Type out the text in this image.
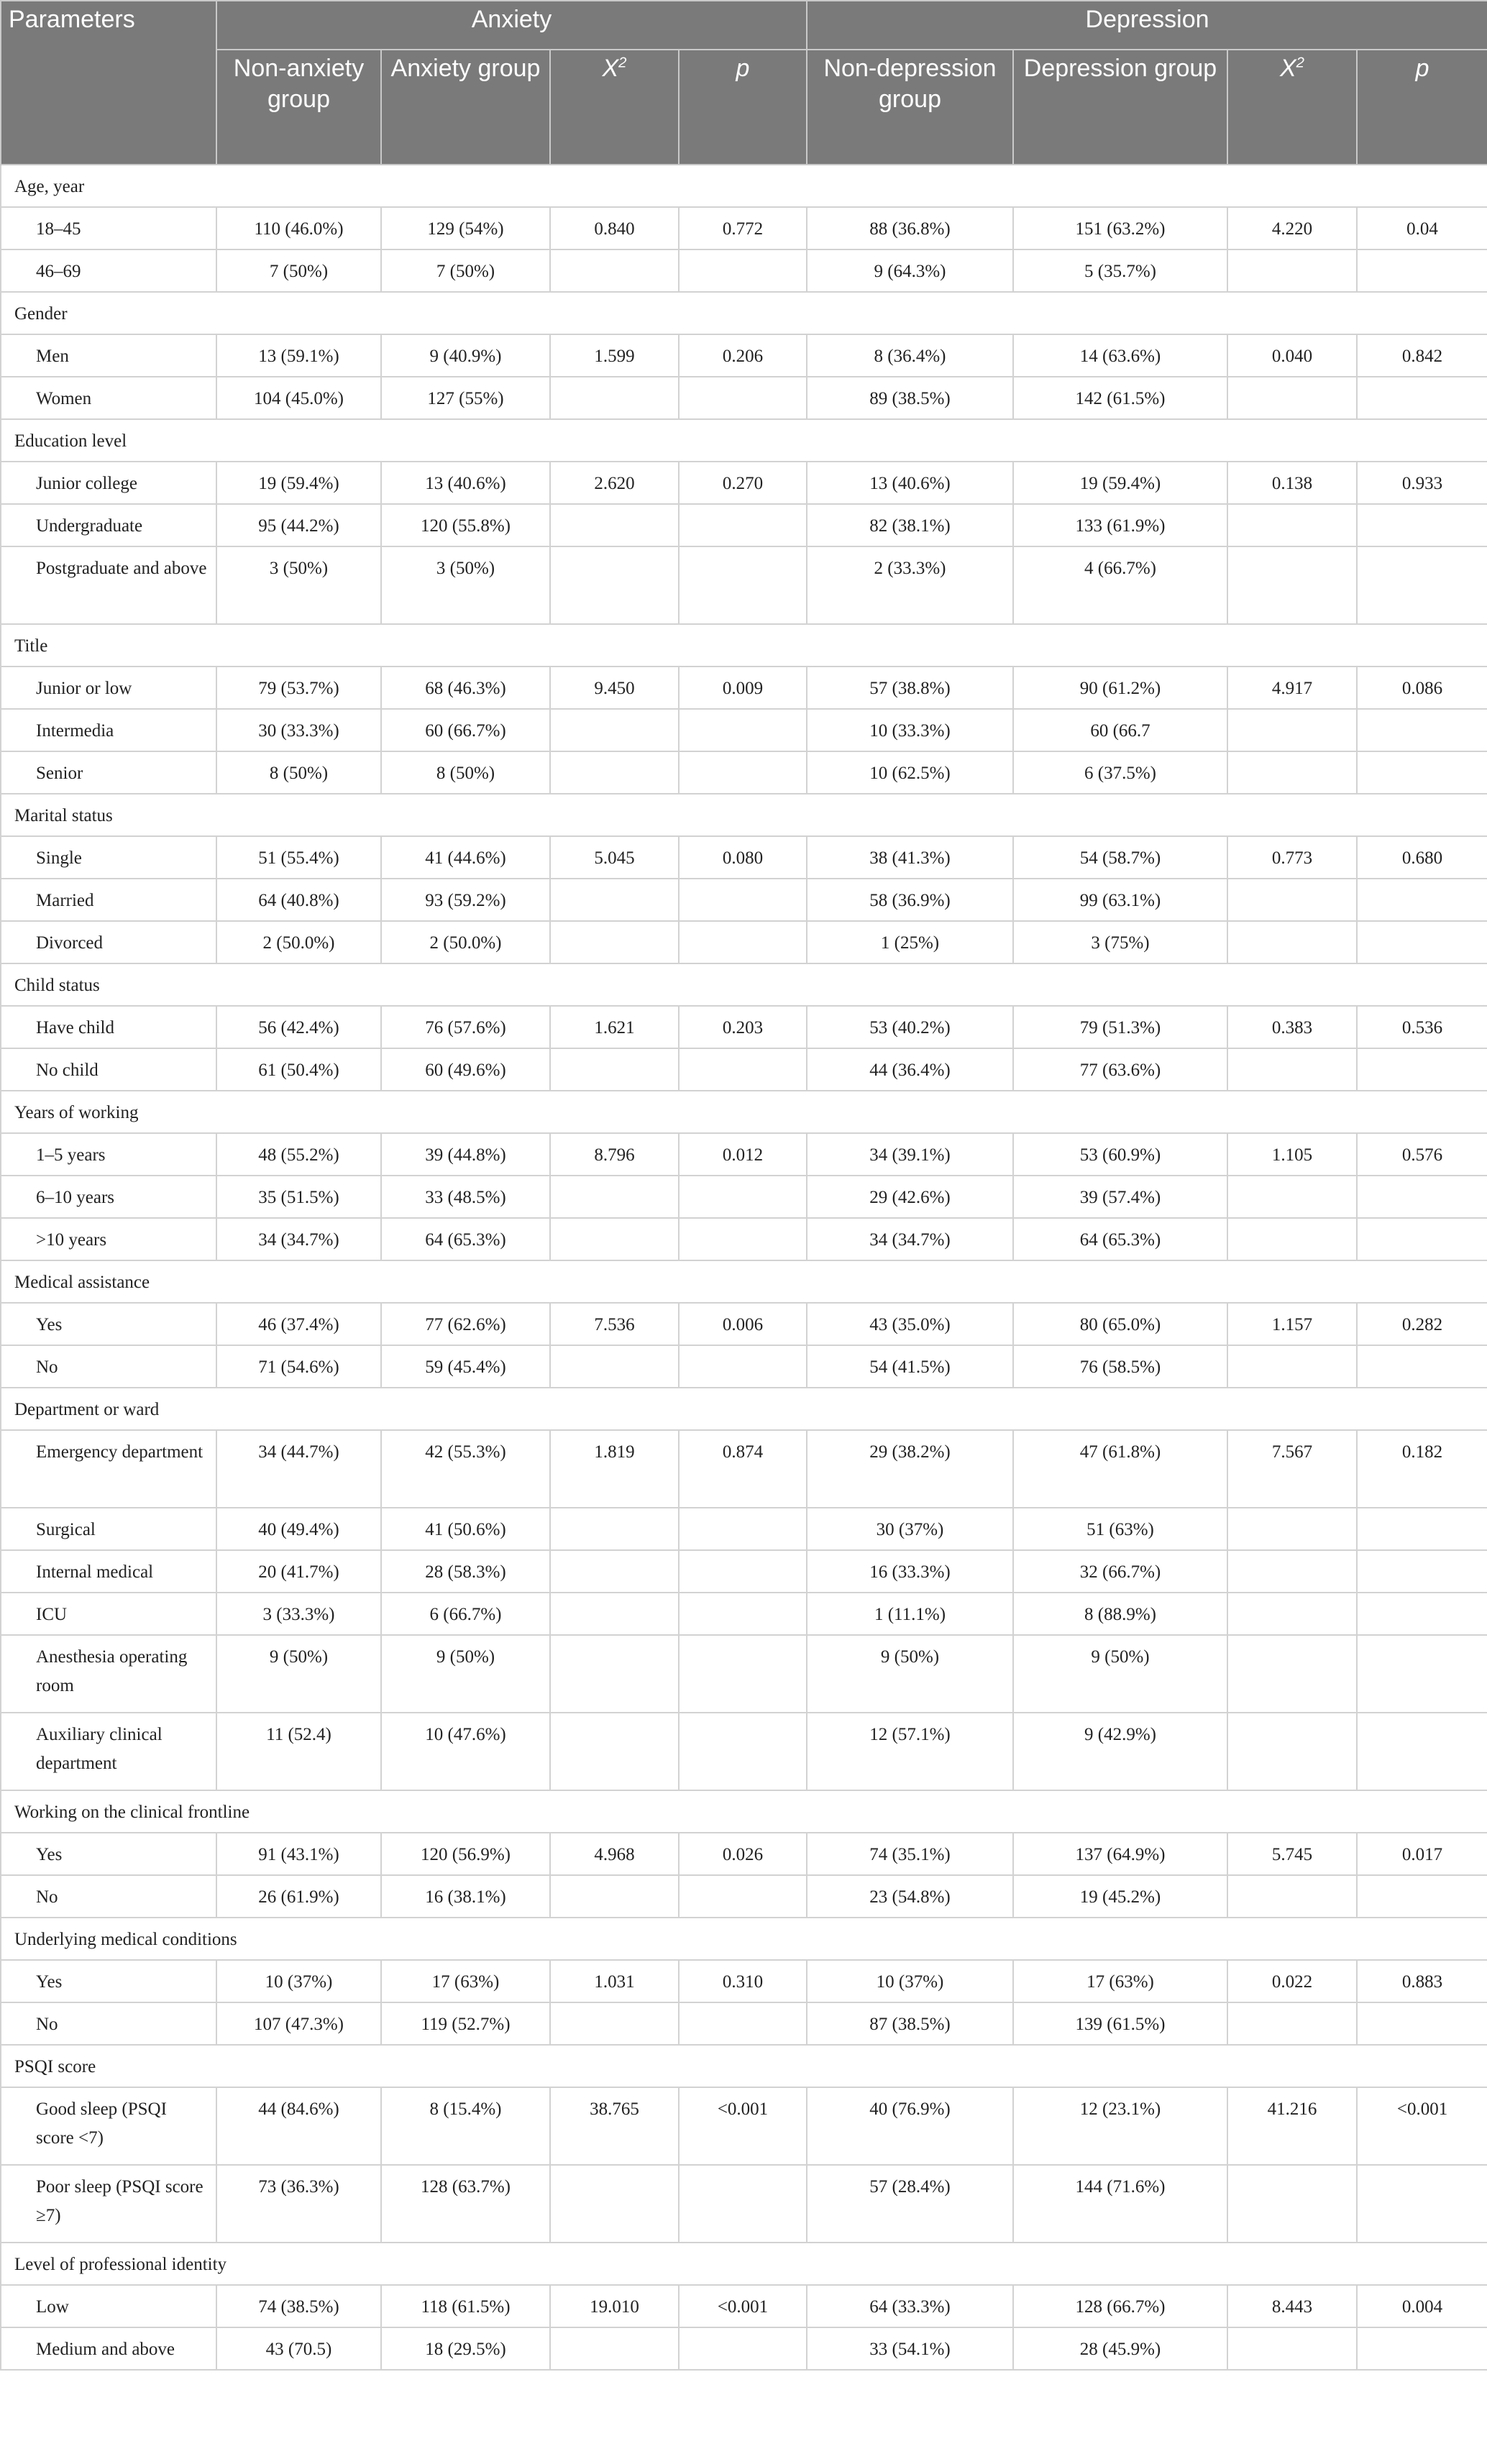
Parameters	Anxiety				Depression			
	Non-anxiety group	Anxiety group	$X^2$	p	Non-depression group	Depression group	$X^2$	p
Age, year								
18–45	110 (46.0%)	129 (54%)	0.840	0.772	88 (36.8%)	151 (63.2%)	4.220	0.04
46–69	7 (50%)	7 (50%)			9 (64.3%)	5 (35.7%)		
Gender								
Men	13 (59.1%)	9 (40.9%)	1.599	0.206	8 (36.4%)	14 (63.6%)	0.040	0.842
Women	104 (45.0%)	127 (55%)			89 (38.5%)	142 (61.5%)		
Education level								
Junior college	19 (59.4%)	13 (40.6%)	2.620	0.270	13 (40.6%)	19 (59.4%)	0.138	0.933
Undergraduate	95 (44.2%)	120 (55.8%)			82 (38.1%)	133 (61.9%)		
Postgraduate and above	3 (50%)	3 (50%)			2 (33.3%)	4 (66.7%)		
Title								
Junior or low	79 (53.7%)	68 (46.3%)	9.450	0.009	57 (38.8%)	90 (61.2%)	4.917	0.086
Intermedia	30 (33.3%)	60 (66.7%)			10 (33.3%)	60 (66.7		
Senior	8 (50%)	8 (50%)			10 (62.5%)	6 (37.5%)		
Marital status								
Single	51 (55.4%)	41 (44.6%)	5.045	0.080	38 (41.3%)	54 (58.7%)	0.773	0.680
Married	64 (40.8%)	93 (59.2%)			58 (36.9%)	99 (63.1%)		
Divorced	2 (50.0%)	2 (50.0%)			1 (25%)	3 (75%)		
Child status								
Have child	56 (42.4%)	76 (57.6%)	1.621	0.203	53 (40.2%)	79 (51.3%)	0.383	0.536
No child	61 (50.4%)	60 (49.6%)			44 (36.4%)	77 (63.6%)		
Years of working								
1–5 years	48 (55.2%)	39 (44.8%)	8.796	0.012	34 (39.1%)	53 (60.9%)	1.105	0.576
6–10 years	35 (51.5%)	33 (48.5%)			29 (42.6%)	39 (57.4%)		
>10 years	34 (34.7%)	64 (65.3%)			34 (34.7%)	64 (65.3%)		
Medical assistance								
Yes	46 (37.4%)	77 (62.6%)	7.536	0.006	43 (35.0%)	80 (65.0%)	1.157	0.282
No	71 (54.6%)	59 (45.4%)			54 (41.5%)	76 (58.5%)		
Department or ward								
Emergency department	34 (44.7%)	42 (55.3%)	1.819	0.874	29 (38.2%)	47 (61.8%)	7.567	0.182
Surgical	40 (49.4%)	41 (50.6%)			30 (37%)	51 (63%)		
Internal medical	20 (41.7%)	28 (58.3%)			16 (33.3%)	32 (66.7%)		
ICU	3 (33.3%)	6 (66.7%)			1 (11.1%)	8 (88.9%)		
Anesthesia operating room	9 (50%)	9 (50%)			9 (50%)	9 (50%)		
Auxiliary clinical department	11 (52.4)	10 (47.6%)			12 (57.1%)	9 (42.9%)		
Working on the clinical frontline								
Yes	91 (43.1%)	120 (56.9%)	4.968	0.026	74 (35.1%)	137 (64.9%)	5.745	0.017
No	26 (61.9%)	16 (38.1%)			23 (54.8%)	19 (45.2%)		
Underlying medical conditions								
Yes	10 (37%)	17 (63%)	1.031	0.310	10 (37%)	17 (63%)	0.022	0.883
No	107 (47.3%)	119 (52.7%)			87 (38.5%)	139 (61.5%)		
PSQI score								
Good sleep (PSQI score <7)	44 (84.6%)	8 (15.4%)	38.765	<0.001	40 (76.9%)	12 (23.1%)	41.216	<0.001
Poor sleep (PSQI score ≥7)	73 (36.3%)	128 (63.7%)			57 (28.4%)	144 (71.6%)		
Level of professional identity								
Low	74 (38.5%)	118 (61.5%)	19.010	<0.001	64 (33.3%)	128 (66.7%)	8.443	0.004
Medium and above	43 (70.5)	18 (29.5%)			33 (54.1%)	28 (45.9%)		
